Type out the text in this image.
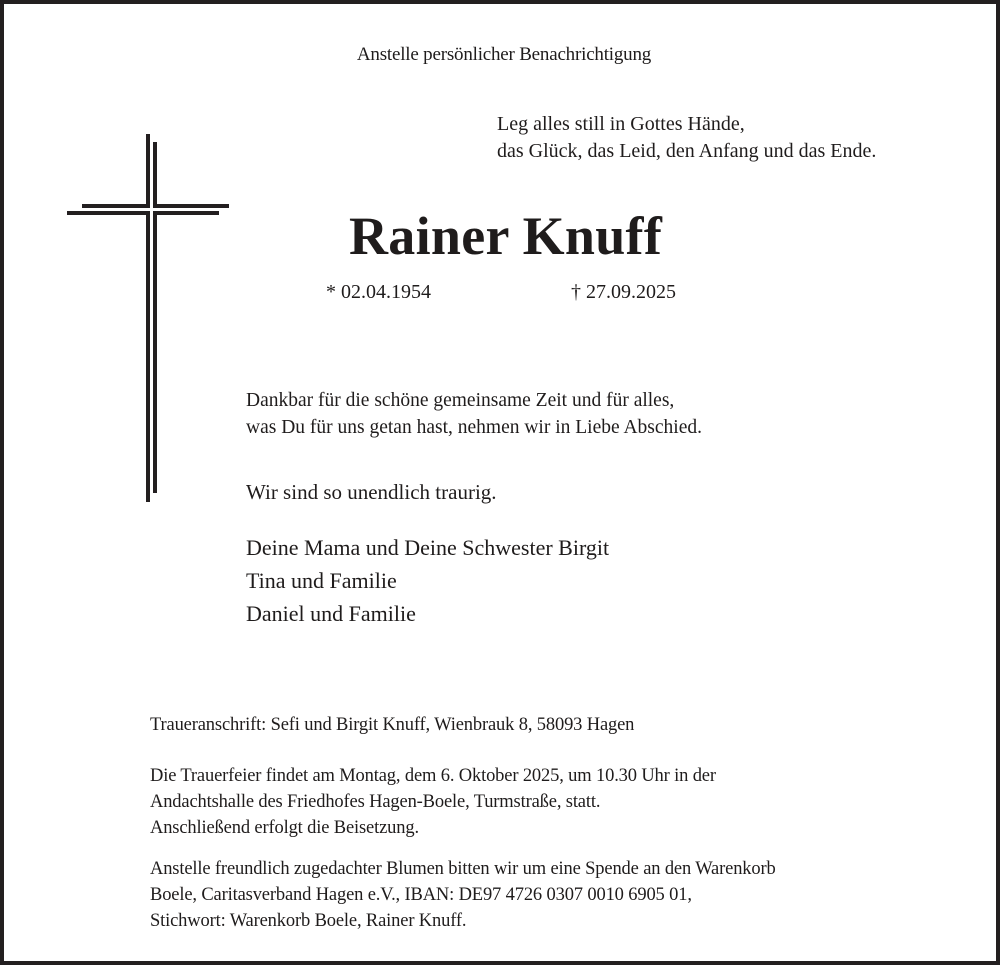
Anstelle persönlicher Benachrichtigung
Leg alles still in Gottes Hände,
das Glück, das Leid, den Anfang und das Ende.
Rainer Knuff
* 02.04.1954	† 27.09.2025
Dankbar für die schöne gemeinsame Zeit und für alles,
was Du für uns getan hast, nehmen wir in Liebe Abschied.
Wir sind so unendlich traurig.
Deine Mama und Deine Schwester Birgit
Tina und Familie
Daniel und Familie
Traueranschrift: Sefi und Birgit Knuff, Wienbrauk 8, 58093 Hagen
Die Trauerfeier findet am Montag, dem 6. Oktober 2025, um 10.30 Uhr in der
Andachtshalle des Friedhofes Hagen-Boele, Turmstraße, statt.
Anschließend erfolgt die Beisetzung.
Anstelle freundlich zugedachter Blumen bitten wir um eine Spende an den Warenkorb
Boele, Caritasverband Hagen e.V., IBAN: DE97 4726 0307 0010 6905 01,
Stichwort: Warenkorb Boele, Rainer Knuff.
